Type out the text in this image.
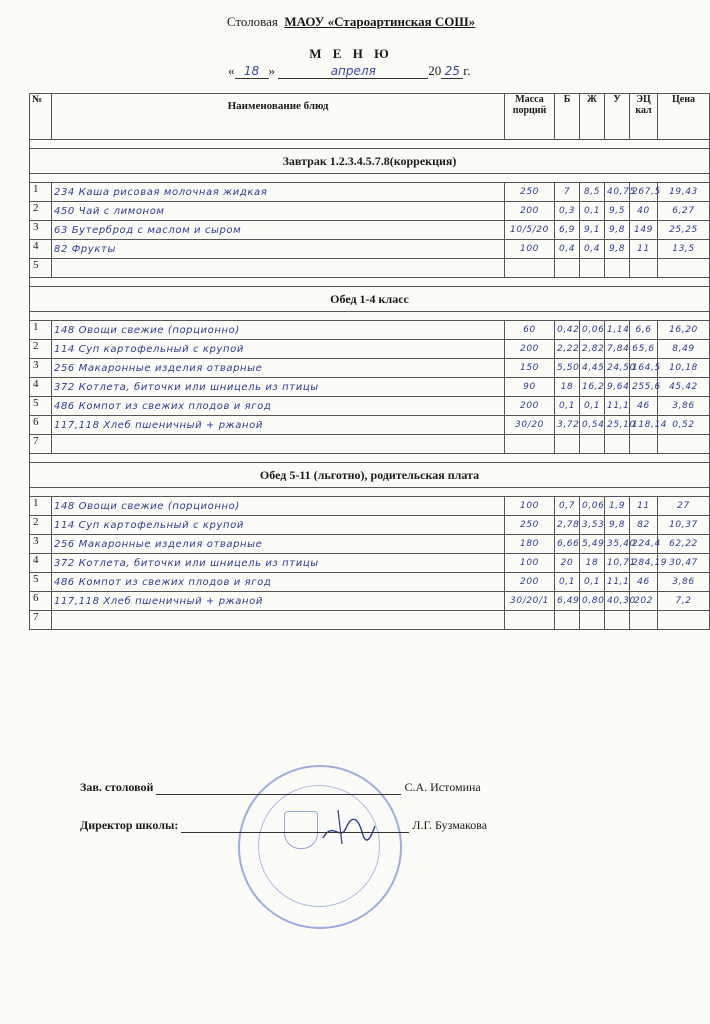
Столовая МАОУ «Староартинская СОШ»
М Е Н Ю
« 18 »	апреля	20 25 г.
№	Наименование блюд	Масса порций	Б	Ж	У	ЭЦ кал	Цена

Завтрак 1.2.3.4.5.7.8(коррекция)							

1	234 Каша рисовая молочная жидкая	250	7	8,5	40,75	267,5	19,43
2	450 Чай с лимоном	200	0,3	0,1	9,5	40	6,27
3	63 Бутерброд с маслом и сыром	10/5/20	6,9	9,1	9,8	149	25,25
4	82 Фрукты	100	0,4	0,4	9,8	11	13,5
5							

Обед 1-4 класс							

1	148 Овощи свежие (порционно)	60	0,42	0,06	1,14	6,6	16,20
2	114 Суп картофельный с крупой	200	2,22	2,82	7,84	65,6	8,49
3	256 Макаронные изделия отварные	150	5,50	4,45	24,50	164,5	10,18
4	372 Котлета, биточки или шницель из птицы	90	18	16,2	9,64	255,6	45,42
5	486 Компот из свежих плодов и ягод	200	0,1	0,1	11,1	46	3,86
6	117,118 Хлеб пшеничный + ржаной	30/20	3,72	0,54	25,10	118,14	0,52
7							

Обед 5-11 (льготно), родительская плата							

1	148 Овощи свежие (порционно)	100	0,7	0,06	1,9	11	27
2	114 Суп картофельный с крупой	250	2,78	3,53	9,8	82	10,37
3	256 Макаронные изделия отварные	180	6,66	5,49	35,40	224,4	62,22
4	372 Котлета, биточки или шницель из птицы	100	20	18	10,71	284,19	30,47
5	486 Компот из свежих плодов и ягод	200	0,1	0,1	11,1	46	3,86
6	117,118 Хлеб пшеничный + ржаной	30/20/1	6,49	0,80	40,30	202	7,2
7							
Зав. столовой	С.А. Истомина
Директор школы:	Л.Г. Бузмакова
